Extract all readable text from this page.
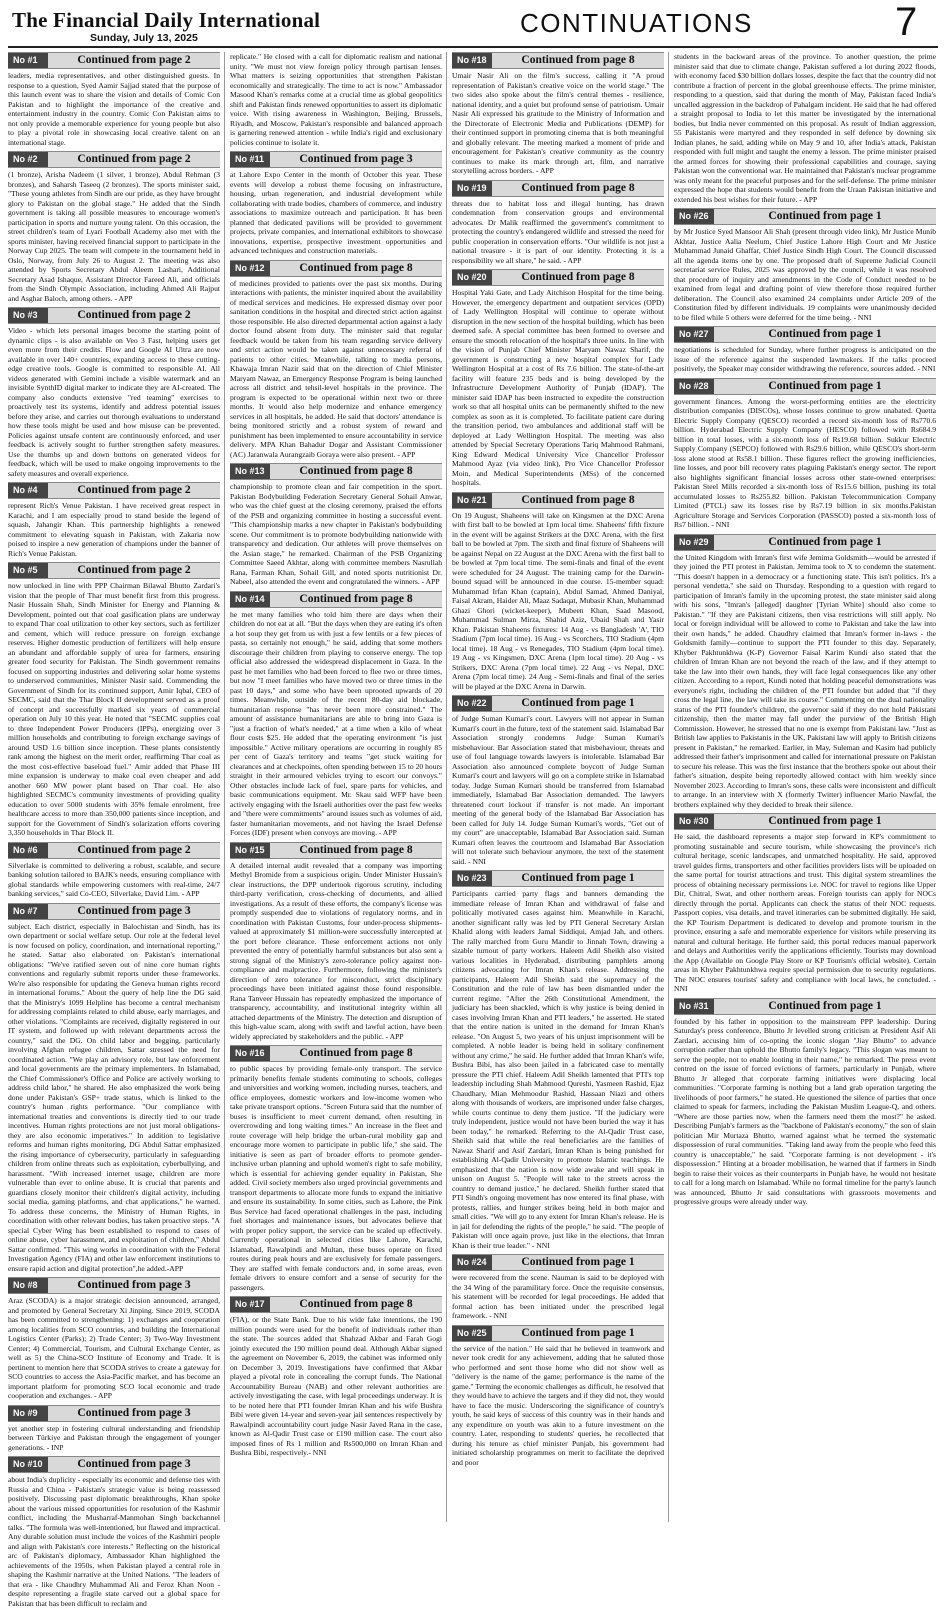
The Financial Daily International
Sunday, July 13, 2025	CONTINUATIONS	7
No #1	Continued from page 2

leaders, media representatives, and other distinguished guests. In response to a question, Syed Aamir Sajjad stated that the purpose of this launch event was to share the vision and details of Comic Con Pakistan and to highlight the importance of the creative and entertainment industry in the country. Comic Con Pakistan aims to not only provide a memorable experience for young people but also to play a pivotal role in showcasing local creative talent on an international stage.

No #2	Continued from page 2

(1 bronze), Arisha Nadeem (1 silver, 1 bronze), Abdul Rehman (3 bronzes), and Saharsh Taseeq (2 bronzes). The sports minister said, "These young athletes from Sindh are our pride, as they have brought glory to Pakistan on the global stage." He added that the Sindh government is taking all possible measures to encourage women's participation in sports and nurture young talent. On this occasion, the street children's team of Lyari Football Academy also met with the sports minister, having received financial support to participate in the Norway Cup 2025. The team will compete in the tournament held in Oslo, Norway, from July 26 to August 2. The meeting was also attended by Sports Secretary Abdul Aleem Lashari, Additional Secretary Asad Ishaque, Assistant Director Fareed Ali, and officials from the Sindh Olympic Association, including Ahmed Ali Rajput and Asghar Baloch, among others. - APP

No #3	Continued from page 2

Video - which lets personal images become the starting point of dynamic clips - is also available on Veo 3 Fast, helping users get even more from their credits. Flow and Google AI Ultra are now available in over 140+ countries, expanding access to these cutting-edge creative tools. Google is committed to responsible AI. All videos generated with Gemini include a visible watermark and an invisible SynthID digital marker to indicate they are AI-created. The company also conducts extensive "red teaming" exercises to proactively test its systems, identify and address potential issues before they arise, and carries out thorough evaluations to understand how these tools might be used and how misuse can be prevented. Policies against unsafe content are continuously enforced, and user feedback is actively sought to further strengthen safety measures. Use the thumbs up and down buttons on generated videos for feedback, which will be used to make ongoing improvements to the safety measures and overall experience.

No #4	Continued from page 2

represent Rich's Venue Pakistan. I have received great respect in Karachi, and I am especially proud to stand beside the legend of squash, Jahangir Khan. This partnership highlights a renewed commitment to elevating squash in Pakistan, with Zakaria now poised to inspire a new generation of champions under the banner of Rich's Venue Pakistan.

No #5	Continued from page 2

now unlocked in line with PPP Chairman Bilawal Bhutto Zardari's vision that the people of Thar must benefit first from this progress. Nasir Hussain Shah, Sindh Minister for Energy and Planning & Development, pointed out that coal gasification plans are underway to expand Thar coal utilization to other key sectors, such as fertilizer and cement, which will reduce pressure on foreign exchange reserves. Higher domestic production of fertilizers will help ensure an abundant and affordable supply of urea for farmers, ensuring greater food security for Pakistan. The Sindh government remains focused on supporting industries and delivering solar home systems to underserved communities, Minister Nasir said. Commending the Government of Sindh for its continued support, Amir Iqbal, CEO of SECMC, said that the Thar Block II development served as a proof of concept and successfully marked six years of commercial operation on July 10 this year. He noted that "SECMC supplies coal to three Independent Power Producers (IPPs), energizing over 3 million households and contributing to foreign exchange savings of around USD 1.6 billion since inception. These plants consistently rank among the highest on the merit order, reaffirming Thar coal as the most cost-effective baseload fuel." Amir added that Phase III mine expansion is underway to make coal even cheaper and add another 660 MW power plant based on Thar coal. He also highlighted SECMC's community investments of providing quality education to over 5000 students with 35% female enrolment, free healthcare access to more than 350,000 patients since inception, and support for the Government of Sindh's solarization efforts covering 3,350 households in Thar Block II.

No #6	Continued from page 2

Silverlake is committed to delivering a robust, scalable, and secure banking solution tailored to BAJK's needs, ensuring compliance with global standards while empowering customers with real-time, 24/7 banking services," said Co-CEO, Silverlake, David Lim. - APP

No #7	Continued from page 3

subject. Each district, especially in Balochistan and Sindh, has its own department or social welfare setup. Our role at the federal level is now focused on policy, coordination, and international reporting," he stated. Sattar also elaborated on Pakistan's international obligations: "We've ratified seven out of nine core human rights conventions and regularly submit reports under these frameworks. We're also responsible for updating the Geneva human rights record in international forums." About the query of help line the DG said that the Ministry's 1099 Helpline has become a central mechanism for addressing complaints related to child abuse, early marriages, and other violations. "Complaints are received, digitally registered in our IT system, and followed up with relevant departments across the country," said the DG. On child labor and begging, particularly involving Afghan refugee children, Sattar stressed the need for coordinated action. "We play an advisory role, but law enforcement and local governments are the primary implementers. In Islamabad, the Chief Commissioner's Office and Police are actively working to address child labor," he shared. He also emphasized the work being done under Pakistan's GSP+ trade status, which is linked to the country's human rights performance. "Our compliance with international treaties and conventions is directly tied to our trade incentives. Human rights protections are not just moral obligations-they are also economic imperatives." In addition to legislative reforms and human rights monitoring, DG Abdul Sattar emphasized the rising importance of cybersecurity, particularly in safeguarding children from online threats such as exploitation, cyberbullying, and harassment. "With increased internet usage, children are more vulnerable than ever to online abuse. It is crucial that parents and guardians closely monitor their children's digital activity, including social media, gaming platforms, and chat applications," he warned. To address these concerns, the Ministry of Human Rights, in coordination with other relevant bodies, has taken proactive steps. "A special Cyber Wing has been established to respond to cases of online abuse, cyber harassment, and exploitation of children," Abdul Sattar confirmed. "This wing works in coordination with the Federal Investigation Agency (FIA) and other law enforcement institutions to ensure rapid action and digital protection",he added.-APP

No #8	Continued from page 3

Araz (SCODA) is a major strategic decision announced, arranged, and promoted by General Secretary Xi Jinping. Since 2019, SCODA has been committed to strengthening: 1) exchanges and cooperation among localities from SCO countries, and building the International Logistics Center (Parks); 2) Trade Center; 3) Two-Way Investment Center; 4) Commercial, Tourism, and Cultural Exchange Center, as well as 5) the China-SCO Institute of Economy and Trade. It is pertinent to mention here that SCODA strives to create a gateway for SCO countries to access the Asia-Pacific market, and has become an important platform for promoting SCO local economic and trade cooperation and exchanges. - APP

No #9	Continued from page 3

yet another step in fostering cultural understanding and friendship between Türkiye and Pakistan through the engagement of younger generations. - INP

No #10	Continued from page 3

about India's duplicity - especially its economic and defense ties with Russia and China - Pakistan's strategic value is being reassessed positively. Discussing past diplomatic breakthroughs, Khan spoke about the various missed opportunities for resolution of the Kashmir conflict, including the Musharraf-Manmohan Singh backchannel talks. "The formula was well-intentioned, but flawed and impractical. Any durable solution must include the voices of the Kashmiri people and align with Pakistan's core interests." Reflecting on the historical arc of Pakistan's diplomacy, Ambassador Khan highlighted the achievements of the 1950s, when Pakistan played a central role in shaping the Kashmir narrative at the United Nations. "The leaders of that era - like Chaudhry Muhammad Ali and Feroz Khan Noon - despite representing a fragile state carved out a global space for Pakistan that has been difficult to reclaim and

replicate." He closed with a call for diplomatic realism and national unity. "We must not view foreign policy through partisan lenses. What matters is seizing opportunities that strengthen Pakistan economically and strategically. The time to act is now." Ambassador Masood Khan's remarks come at a crucial time as global geopolitics shift and Pakistan finds renewed opportunities to assert its diplomatic voice. With rising awareness in Washington, Beijing, Brussels, Riyadh, and Moscow, Pakistan's responsible and balanced approach is garnering renewed attention - while India's rigid and exclusionary policies continue to isolate it.

No #11	Continued from page 3

at Lahore Expo Center in the month of October this year. These events will develop a robust theme focusing on infrastructure, housing, urban regeneration, and industrial development while collaborating with trade bodies, chambers of commerce, and industry associations to maximize outreach and participation. It has been planned that dedicated pavilions will be provided to government projects, private companies, and international exhibitors to showcase innovations, expertise, prospective investment opportunities and advanced techniques and construction materials.

No #12	Continued from page 8

of medicines provided to patients over the past six months. During interactions with patients, the minister inquired about the availability of medical services and medicines. He expressed dismay over poor sanitation conditions in the hospital and directed strict action against those responsible. He also directed departmental action against a lady doctor found absent from duty. The minister said that regular feedback would be taken from his team regarding service delivery and strict action would be taken against unnecessary referral of patients to other cities. Meanwhile, talking to media persons, Khawaja Imran Nazir said that on the direction of Chief Minister Maryam Nawaz, an Emergency Response Program is being launched across all district and tehsil-level hospitals in the province. The program is expected to be operational within next two or three months. It would also help modernize and enhance emergency services in all hospitals, he added. He said that doctors' attendance is being monitored strictly and a robust system of reward and punishment has been implemented to ensure accountability in service delivery. MPA Khan Bahadur Dogar and Assistant Commissioner (AC) Jaranwala Aurangzaib Goraya were also present. - APP

No #13	Continued from page 8

championship to promote clean and fair competition in the sport. Pakistan Bodybuilding Federation Secretary General Sohail Anwar, who was the chief guest at the closing ceremony, praised the efforts of the PSB and organizing committee in hosting a successful event. "This championship marks a new chapter in Pakistan's bodybuilding scene. Our commitment is to promote bodybuilding nationwide with transparency and dedication. Our athletes will prove themselves on the Asian stage," he remarked. Chairman of the PSB Organizing Committee Saeed Akhtar, along with committee members Nasrullah Rana, Farman Khan, Sohail Gill, and noted sports nutritionist Dr. Nabeel, also attended the event and congratulated the winners. - APP

No #14	Continued from page 8

he met many families who told him there are days when their children do not eat at all. "But the days when they are eating it's often a hot soup they get from us with just a few lentils or a few pieces of pasta, so certainly not enough," he said, adding that some mothers discourage their children from playing to conserve energy. The top official also addressed the widespread displacement in Gaza. In the past he met families who had been forced to flee two or three times, but now "I meet families who have moved two or three times in the past 10 days," and some who have been uprooted upwards of 20 times. Meanwhile, outside of the recent 80-day aid blockade, humanitarian response "has never been more constrained." The amount of assistance humanitarians are able to bring into Gaza is "just a fraction of what's needed," at a time when a kilo of wheat flour costs $25. He added that the operating environment "is just impossible." Active military operations are occurring in roughly 85 per cent of Gaza's territory and teams "get stuck waiting for clearances and at checkpoints, often spending between 15 to 20 hours straight in their armoured vehicles trying to escort our convoys." Other obstacles include lack of fuel, spare parts for vehicles, and basic communications equipment. Mr. Skau said WFP have been actively engaging with the Israeli authorities over the past few weeks and "there were commitments" around issues such as volumes of aid, faster humanitarian movements, and not having the Israel Defense Forces (IDF) present when convoys are moving. - APP

No #15	Continued from page 8

A detailed internal audit revealed that a company was importing Methyl Bromide from a suspicious origin. Under Minister Hussain's clear instructions, the DPP undertook rigorous scrutiny, including third-party verification, cross-checking of documents, and allied investigations. As a result of these efforts, the company's license was promptly suspended due to violations of regulatory norms, and in coordination with Pakistan Customs, four under-process shipments-valued at approximately $1 million-were successfully intercepted at the port before clearance. These enforcement actions not only prevented the entry of potentially harmful substances but also sent a strong signal of the Ministry's zero-tolerance policy against non-compliance and malpractice. Furthermore, following the minister's direction of zero tolerance for misconduct, strict disciplinary proceedings have been initiated against those found responsible. Rana Tanveer Hussain has repeatedly emphasized the importance of transparency, accountability, and institutional integrity within all attached departments of the Ministry. The detection and disruption of this high-value scam, along with swift and lawful action, have been widely appreciated by stakeholders and the public. - APP

No #16	Continued from page 8

to public spaces by providing female-only transport. The service primarily benefits female students commuting to schools, colleges and universities and working women, including nurses, teachers, and office employees, domestic workers and low-income women who take private transport options. "Screen Futura said that the number of buses is insufficient to meet current demand, often resulting in overcrowding and long waiting times." An increase in the fleet and route coverage will help bridge the urban-rural mobility gap and encourage more women to participate in public life," she said. The initiative is seen as part of broader efforts to promote gender-inclusive urban planning and uphold women's right to safe mobility, which is essential for achieving gender equality in Pakistan, She added. Civil society members also urged provincial governments and transport departments to allocate more funds to expand the initiative and ensure its sustainability. In some cities, such as Lahore, the Pink Bus Service had faced operational challenges in the past, including fuel shortages and maintenance issues, but advocates believe that with proper policy support, the service can be scaled up effectively. Currently operational in selected cities like Lahore, Karachi, Islamabad, Rawalpindi and Multan, these buses operate on fixed routes during peak hours and are exclusively for female passengers. They are staffed with female conductors and, in some areas, even female drivers to ensure comfort and a sense of security for the passengers.

No #17	Continued from page 8

(FIA), or the State Bank. Due to his wide fake intentions, the 190 million pounds were used for the benefit of individuals rather than the state. The sources added that Shahzad Akbar and Farah Gogi jointly executed the 190 million pound deal. Although Akbar signed the agreement on November 6, 2019, the cabinet was informed only on December 3, 2019. Investigations have confirmed that Akbar played a pivotal role in concealing the corrupt funds. The National Accountability Bureau (NAB) and other relevant authorities are actively investigating the case, with legal proceedings underway. It is to be noted here that PTI founder Imran Khan and his wife Bushra Bibi were given 14-year and seven-year jail sentences respectively by Rawalpindi accountability court judge Nasir Javed Rana in the case, known as Al-Qadir Trust case or £190 million case. The court also imposed fines of Rs 1 million and Rs500,000 on Imran Khan and Bushra Bibi, respectively.- NNI

No #18	Continued from page 8

Umair Nasir Ali on the film's success, calling it "A proud representation of Pakistan's creative voice on the world stage." The two sides also spoke about the film's central themes - resilience, national identity, and a quiet but profound sense of patriotism. Umair Nasir Ali expressed his gratitude to the Ministry of Information and the Directorate of Electronic Media and Publications (DEMP) for their continued support in promoting cinema that is both meaningful and globally relevant. The meeting marked a moment of pride and encouragement for Pakistan's creative community as the country continues to make its mark through art, film, and narrative storytelling across borders. - APP

No #19	Continued from page 8

threats due to habitat loss and illegal hunting, has drawn condemnation from conservation groups and environmental advocates. Dr Malik reaffirmed the government's commitment to protecting the country's endangered wildlife and stressed the need for public cooperation in conservation efforts. "Our wildlife is not just a national treasure - it is part of our identity. Protecting it is a responsibility we all share," he said. - APP

No #20	Continued from page 8

Hospital Yaki Gate, and Lady Aitchison Hospital for the time being. However, the emergency department and outpatient services (OPD) of Lady Wellington Hospital will continue to operate without disruption in the new section of the hospital building, which has been deemed safe. A special committee has been formed to oversee and ensure the smooth relocation of the hospital's three units. In line with the vision of Punjab Chief Minister Maryam Nawaz Sharif, the government is constructing a new hospital complex for Lady Wellington Hospital at a cost of Rs 7.6 billion. The state-of-the-art facility will feature 235 beds and is being developed by the Infrastructure Development Authority of Punjab (IDAP). The minister said IDAP has been instructed to expedite the construction work so that all hospital units can be permanently shifted to the new complex as soon as it is completed. To facilitate patient care during the transition period, two ambulances and additional staff will be deployed at Lady Wellington Hospital. The meeting was also attended by Special Secretary Operations Tariq Mahmood Rahmani, King Edward Medical University Vice Chancellor Professor Mahmood Ayaz (via video link), Pro Vice Chancellor Professor Moin, and Medical Superintendents (MSs) of the concerned hospitals.

No #21	Continued from page 8

On 19 August, Shaheens will take on Kingsmen at the DXC Arena with first ball to be bowled at 1pm local time. Shaheens' fifth fixture in the event will be against Strikers at the DXC Arena, with the first ball to be bowled at 7pm. The sixth and final fixture of Shaheens will be against Nepal on 22 August at the DXC Arena with the first ball to be bowled at 7pm local time. The semi-finals and final of the event were scheduled for 24 August. The training camp for the Darwin-bound squad will be announced in due course. 15-member squad: Muhammad Irfan Khan (captain), Abdul Samad, Ahmed Daniyal, Faisal Akram, Haider Ali, Maaz Sadaqat, Mubasir Khan, Muhammad Ghazi Ghori (wicket-keeper), Mubeen Khan, Saad Masood, Muhammad Sulman Mirza, Shahid Aziz, Ubaid Shah and Yasir Khan. Pakistan Shaheens fixtures: 14 Aug - vs Bangladesh 'A', TIO Stadium (7pm local time). 16 Aug - vs Scorchers, TIO Stadium (4pm local time). 18 Aug - vs Renegades, TIO Stadium (4pm local time). 19 Aug - vs Kingsmen, DXC Arena (1pm local time). 20 Aug - vs Strikers, DXC Arena (7pm local time). 22 Aug - vs Nepal, DXC Arena (7pm local time). 24 Aug - Semi-finals and final of the series will be played at the DXC Arena in Darwin.

No #22	Continued from page 1

of Judge Suman Kumari's court. Lawyers will not appear in Suman Kumari's court in the future, text of the statement said. Islamabad Bar Association strongly condemns Judge Suman Kumari's misbehaviour. Bar Association stated that misbehaviour, threats and use of foul language towards lawyers is intolerable. Islamabad Bar Association also announced complete boycott of Judge Suman Kumari's court and lawyers will go on a complete strike in Islamabad today. Judge Suman Kumari should be transferred from Islamabad immediately, Islamabad Bar Association demanded. The lawyers threatened court lockout if transfer is not made. An important meeting of the general body of the Islamabad Bar Association has been called for July 14. Judge Suman Kumari's words, "Get out of my court" are unacceptable, Islamabad Bar Association said. Suman Kumari often leaves the courtroom and Islamabad Bar Association will not tolerate such behaviour anymore, the text of the statement said. - NNI

No #23	Continued from page 1

Participants carried party flags and banners demanding the immediate release of Imran Khan and withdrawal of false and politically motivated cases against him. Meanwhile in Karachi, another significant rally was led by PTI General Secretary Arslan Khalid along with leaders Jamal Siddiqui, Amjad Jah, and others. The rally marched from Guru Mandir to Jinnah Town, drawing a sizable turnout of party workers. Haleem Adil Sheikh also visited various localities in Hyderabad, distributing pamphlets among citizens advocating for Imran Khan's release. Addressing the participants, Haleem Adil Sheikh said the supremacy of the Constitution and the rule of law has been dismantled under the current regime. "After the 26th Constitutional Amendment, the judiciary has been shackled, which is why justice is being denied in cases involving Imran Khan and PTI leaders," he asserted. He stated that the entire nation is united in the demand for Imran Khan's release. "On August 5, two years of his unjust imprisonment will be completed. A noble leader is being held in solitary confinement without any crime," he said. He further added that Imran Khan's wife, Bushra Bibi, has also been jailed in a fabricated case to mentally pressure the PTI chief. Haleem Adil Sheikh lamented that PTI's top leadership including Shah Mahmood Qureshi, Yasmeen Rashid, Ejaz Chaudhary, Mian Mehmoodur Rashid, Hassaan Niazi and others along with thousands of workers, are imprisoned under false charges, while courts continue to deny them justice. "If the judiciary were truly independent, justice would not have been buried the way it has been today," he remarked. Referring to the Al-Qadir Trust case, Sheikh said that while the real beneficiaries are the families of Nawaz Sharif and Asif Zardari, Imran Khan is being punished for establishing Al-Qadir University to promote Islamic teachings. He emphasized that the nation is now wide awake and will speak in unison on August 5. "People will take to the streets across the country to demand justice," he declared. Sheikh further stated that PTI Sindh's ongoing movement has now entered its final phase, with protests, rallies, and hunger strikes being held in both major and small cities. "We will go to any extent for Imran Khan's release. He is in jail for defending the rights of the people," he said. "The people of Pakistan will once again prove, just like in the elections, that Imran Khan is their true leader." - NNI

No #24	Continued from page 1

were recovered from the scene. Nauman is said to be deployed with the 34 Wing of the paramilitary force. Once the requisite consensus, his statement will be recorded for legal proceedings. He added that formal action has been initiated under the prescribed legal framework. - NNI

No #25	Continued from page 1

the service of the nation." He said that he believed in teamwork and never took credit for any achievement, adding that he saluted those who performed and sent those home who did not show well as "delivery is the name of the game; performance is the name of the game." Terming the economic challenges as difficult, he resolved that they would have to achieve the targets and if they did not, they would have to face the music. Underscoring the significance of country's youth, he said keys of success of this country was in their hands and any expenditure on youth was akin to a future investment on the country. Later, responding to students' queries, he recollected that during his tenure as chief minister Punjab, his government had initiated scholarship programmes on merit to facilitate the deprived and poor

students in the backward areas of the province. To another question, the prime minister said that due to climate change, Pakistan suffered a lot during 2022 floods, with economy faced $30 billion dollars losses, despite the fact that the country did not contribute a fraction of percent in the global greenhouse effects. The prime minister, responding to a question, said that during the month of May, Pakistan faced India's uncalled aggression in the backdrop of Pahalgam incident. He said that he had offered a straight proposal to India to let this matter be investigated by the international bodies, but India never commented on this proposal. As result of Indian aggression, 55 Pakistanis were martyred and they responded in self defence by downing six Indian planes, he said, adding while on May 9 and 10, after India's attack, Pakistan responded with full might and taught the enemy a lesson. The prime minister praised the armed forces for showing their professional capabilities and courage, saying Pakistan won the conventional war. He maintained that Pakistan's nuclear programme was only meant for the peaceful purposes and for the self-defense. The prime minister expressed the hope that students would benefit from the Uraan Pakistan initiative and extended his best wishes for their future. - APP

No #26	Continued from page 1

by Mr Justice Syed Mansoor Ali Shah (present through video link), Mr Justice Munib Akhtar, Justice Aalia Neelum, Chief Justice Lahore High Court and Mr Justice Muhammad Junaid Ghaffar, Chief Justice Sindh High Court. The Council discussed all the agenda items one by one. The proposed draft of Supreme Judicial Council secretariat service Rules, 2025 was approved by the council, while it was resolved that procedure of inquiry and amendments in the Code of Conduct needed to be examined from legal and drafting point of view therefore those required further deliberation. The Council also examined 24 complaints under Article 209 of the Constitution filed by different individuals. 19 complaints were unanimously decided to be filed while 5 others were deferred for the time being. - NNI

No #27	Continued from page 1

negotiations is scheduled for Sunday, where further progress is anticipated on the issue of the reference against the suspended lawmakers. If the talks proceed positively, the Speaker may consider withdrawing the reference, sources added. - NNI

No #28	Continued from page 1

government finances. Among the worst-performing entities are the electricity distribution companies (DISCOs), whose losses continue to grow unabated. Quetta Electric Supply Company (QESCO) recorded a record six-month loss of Rs770.6 billion. Hyderabad Electric Supply Company (HESCO) followed with Rs684.9 billion in total losses, with a six-month loss of Rs19.68 billion. Sukkur Electric Supply Company (SEPCO) followed with Rs29.6 billion, while QESCO's short-term loss alone stood at Rs58.1 billion. These figures reflect the growing inefficiencies, line losses, and poor bill recovery rates plaguing Pakistan's energy sector. The report also highlights significant financial losses across other state-owned enterprises: Pakistan Steel Mills recorded a six-month loss of Rs15.6 billion, pushing its total accumulated losses to Rs255.82 billion. Pakistan Telecommunication Company Limited (PTCL) saw its losses rise by Rs7.19 billion in six months.Pakistan Agriculture Storage and Services Corporation (PASSCO) posted a six-month loss of Rs7 billion. - NNI

No #29	Continued from page 1

the United Kingdom with Imran's first wife Jemima Goldsmith—would be arrested if they joined the PTI protest in Pakistan. Jemima took to X to condemn the statement. "This doesn't happen in a democracy or a functioning state. This isn't politics. It's a personal vendetta," she said on Thursday. Responding to a question with regard to participation of Imran's family in the upcoming protest, the state minister said along with his sons, "Imran's [alleged] daughter [Tyrian White] should also come to Pakistan." "If they are Pakistani citizens, then visa restrictions will still apply. No local or foreign individual will be allowed to come to Pakistan and take the law into their own hands," he added. Chaudhry claimed that Imran's former in-laws - the Goldsmith family—continue to support the PTI founder to this day. Separately, Khyber Pakhtunkhwa (K-P) Governor Faisal Karim Kundi also stated that the children of Imran Khan are not beyond the reach of the law, and if they attempt to take the law into their own hands, they will face legal consequences like any other citizen. According to a report, Kundi noted that holding peaceful demonstrations was everyone's right, including the children of the PTI founder but added that "if they cross the legal line, the law will take its course." Commenting on the dual nationality status of the PTI founder's children, the governor said if they do not hold Pakistani citizenship, then the matter may fall under the purview of the British High Commission. However, he stressed that no one is exempt from Pakistani law. "Just as British law applies to Pakistanis in the UK, Pakistani law will apply to British citizens present in Pakistan," he remarked. Earlier, in May, Suleman and Kasim had publicly addressed their father's imprisonment and called for international pressure on Pakistan to secure his release. This was the first instance that the brothers spoke out about their father's situation, despite being reportedly allowed contact with him weekly since November 2023. According to Imran's sons, these calls were inconsistent and difficult to arrange. In an interview with X (formerly Twitter) influencer Mario Nawfal, the brothers explained why they decided to break their silence.

No #30	Continued from page 1

He said, the dashboard represents a major step forward in KP's commitment to promoting sustainable and secure tourism, while showcasing the province's rich cultural heritage, scenic landscapes, and unmatched hospitality. He said, approved travel guides firms, transporters and other facilities providers lists will be uploaded on the same portal for tourist attractions and trust. This digital system streamlines the process of obtaining necessary permissions i.e. NOC for travel to regions like Upper Dir, Chitral, Swat, and other northern areas. Foreign tourists can apply for NOCs directly through the portal. Applicants can check the status of their NOC requests. Passport copies, visa details, and travel itineraries can be submitted digitally. He said, the KP Tourism Department is dedicated to develop and promote tourism in the province, ensuring a safe and memorable experience for visitors while preserving its natural and cultural heritage. He further said, this portal reduces manual paperwork and delays and Authorities verify the applications efficiently. Tourists may download the App (Available on Google Play Store or KP Tourism's official website). Certain areas in Khyber Pakhtunkhwa require special permission due to security regulations. The NOC ensures tourists' safety and compliance with local laws, he concluded. - NNI

No #31	Continued from page 1

founded by his father in opposition to the mainstream PPP leadership. During Saturday's press conference, Bhutto Jr levelled strong criticism at President Asif Ali Zardari, accusing him of co-opting the iconic slogan "Jiay Bhutto" to advance corruption rather than uphold the Bhutto family's legacy. "This slogan was meant to serve the people, not to enable looting in their name," he remarked. The press event centred on the issue of forced evictions of farmers, particularly in Punjab, where Bhutto Jr alleged that corporate farming initiatives were displacing local communities. "Corporate farming is nothing but a land grab operation targeting the livelihoods of poor farmers," he stated. He questioned the silence of parties that once claimed to speak for farmers, including the Pakistan Muslim League-Q, and others. "Where are those parties now, when the farmers need them the most?" he asked. Describing Punjab's farmers as the "backbone of Pakistan's economy," the son of slain politician Mir Murtaza Bhutto, warned against what he termed the systematic dispossession of rural communities. "Taking land away from the people who feed this country is unacceptable," he said. "Corporate farming is not development - it's dispossession." Hinting at a broader mobilisation, he warned that if farmers in Sindh begin to raise their voices as their counterparts in Punjab have, he would not hesitate to call for a long march on Islamabad. While no formal timeline for the party's launch was announced, Bhutto Jr said consultations with grassroots movements and progressive groups were already under way.
